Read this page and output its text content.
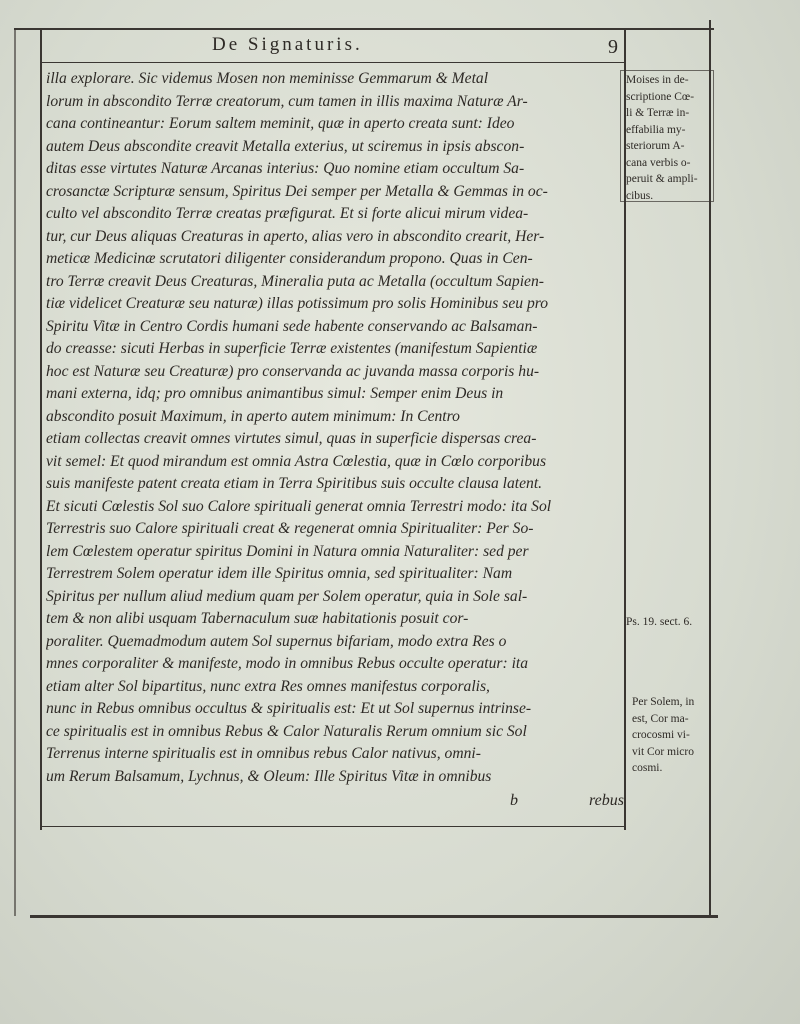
De Signaturis.	9
illa explorare. Sic videmus Mosen non meminisse Gemmarum & Metal
lorum in abscondito Terræ creatorum, cum tamen in illis maxima Naturæ Ar-
cana contineantur: Eorum saltem meminit, quæ in aperto creata sunt: Ideo
autem Deus abscondite creavit Metalla exterius, ut sciremus in ipsis abscon-
ditas esse virtutes Naturæ Arcanas interius: Quo nomine etiam occultum Sa-
crosanctæ Scripturæ sensum, Spiritus Dei semper per Metalla & Gemmas in oc-
culto vel abscondito Terræ creatas præfigurat. Et si forte alicui mirum videa-
tur, cur Deus aliquas Creaturas in aperto, alias vero in abscondito crearit, Her-
meticæ Medicinæ scrutatori diligenter considerandum propono. Quas in Cen-
tro Terræ creavit Deus Creaturas, Mineralia puta ac Metalla (occultum Sapien-
tiæ videlicet Creaturæ seu naturæ) illas potissimum pro solis Hominibus seu pro
Spiritu Vitæ in Centro Cordis humani sede habente conservando ac Balsaman-
do creasse: sicuti Herbas in superficie Terræ existentes (manifestum Sapientiæ
hoc est Naturæ seu Creaturæ) pro conservanda ac juvanda massa corporis hu-
mani externa, idq; pro omnibus animantibus simul: Semper enim Deus in
abscondito posuit Maximum, in aperto autem minimum: In Centro
etiam collectas creavit omnes virtutes simul, quas in superficie dispersas crea-
vit semel: Et quod mirandum est omnia Astra Cœlestia, quæ in Cœlo corporibus
suis manifeste patent creata etiam in Terra Spiritibus suis occulte clausa latent.
Et sicuti Cœlestis Sol suo Calore spirituali generat omnia Terrestri modo: ita Sol
Terrestris suo Calore spirituali creat & regenerat omnia Spiritualiter: Per So-
lem Cœlestem operatur spiritus Domini in Natura omnia Naturaliter: sed per
Terrestrem Solem operatur idem ille Spiritus omnia, sed spiritualiter: Nam
Spiritus per nullum aliud medium quam per Solem operatur, quia in Sole sal-
tem & non alibi usquam Tabernaculum suæ habitationis posuit cor-
poraliter. Quemadmodum autem Sol supernus bifariam, modo extra Res o
mnes corporaliter & manifeste, modo in omnibus Rebus occulte operatur: ita
etiam alter Sol bipartitus, nunc extra Res omnes manifestus corporalis,
nunc in Rebus omnibus occultus & spiritualis est: Et ut Sol supernus intrinse-
ce spiritualis est in omnibus Rebus & Calor Naturalis Rerum omnium sic Sol
Terrenus interne spiritualis est in omnibus rebus Calor nativus, omni-
um Rerum Balsamum, Lychnus, & Oleum: Ille Spiritus Vitæ in omnibus
b	rebus
Moises in de-
scriptione Cœ-
li & Terræ in-
effabilia my-
steriorum A-
cana verbis o-
peruit & ampli-
cibus.
Ps. 19. sect. 6.
Per Solem, in
est, Cor ma-
crocosmi vi-
vit Cor micro
cosmi.
